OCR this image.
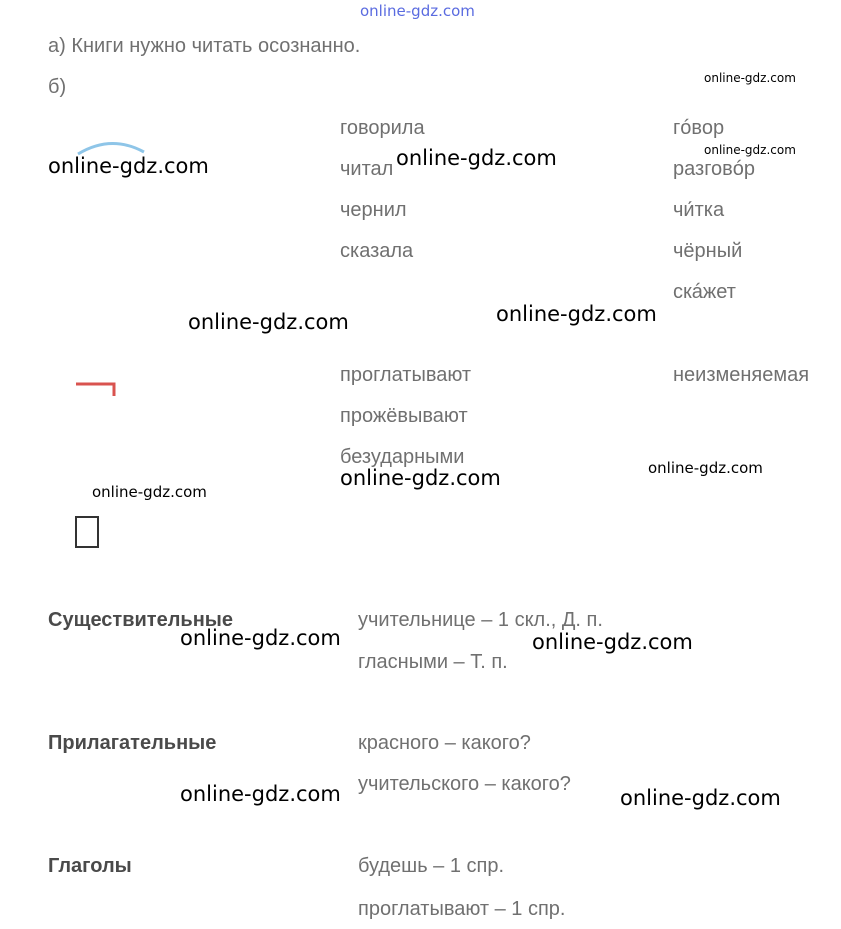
online-gdz.com
а) Книги нужно читать осознанно.
б)
говорила
читал
чернил
сказала
гóвор
разговóр
чи́тка
чёрный
скáжет
проглатывают
прожёвывают
безударными
неизменяемая
Существительные	учительнице – 1 скл., Д. п.
гласными – Т. п.
Прилагательные	красного – какого?
учительского – какого?
Глаголы	будешь – 1 спр.
проглатывают – 1 спр.
online-gdz.com	online-gdz.com
online-gdz.com	online-gdz.com
online-gdz.com
online-gdz.com	online-gdz.com
online-gdz.com	online-gdz.com
online-gdz.com
online-gdz.com
online-gdz.com
online-gdz.com
